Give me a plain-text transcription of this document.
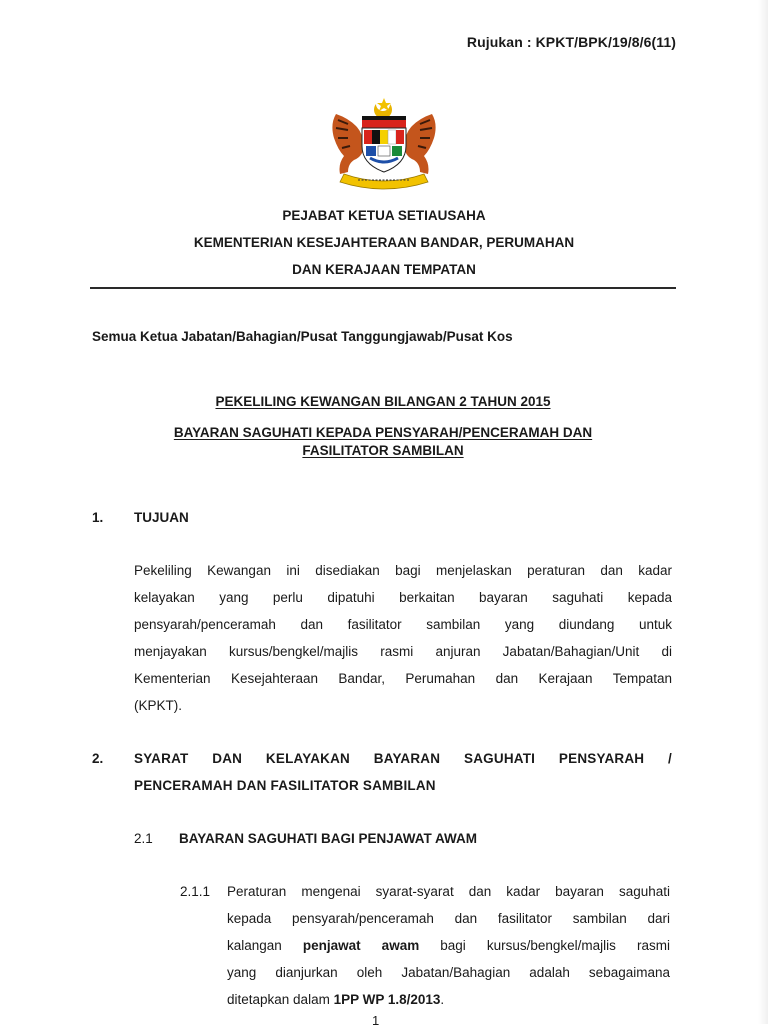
Rujukan : KPKT/BPK/19/8/6(11)
PEJABAT KETUA SETIAUSAHA
KEMENTERIAN KESEJAHTERAAN BANDAR, PERUMAHAN
DAN KERAJAAN TEMPATAN
Semua Ketua Jabatan/Bahagian/Pusat Tanggungjawab/Pusat Kos
PEKELILING KEWANGAN BILANGAN 2 TAHUN 2015
BAYARAN SAGUHATI KEPADA PENSYARAH/PENCERAMAH DAN
FASILITATOR SAMBILAN
1. TUJUAN
Pekeliling Kewangan ini disediakan bagi menjelaskan peraturan dan kadar
kelayakan yang perlu dipatuhi berkaitan bayaran saguhati kepada
pensyarah/penceramah dan fasilitator sambilan yang diundang untuk
menjayakan kursus/bengkel/majlis rasmi anjuran Jabatan/Bahagian/Unit di
Kementerian Kesejahteraan Bandar, Perumahan dan Kerajaan Tempatan
(KPKT).
2. SYARAT DAN KELAYAKAN BAYARAN SAGUHATI PENSYARAH /
PENCERAMAH DAN FASILITATOR SAMBILAN
2.1 BAYARAN SAGUHATI BAGI PENJAWAT AWAM
2.1.1 Peraturan mengenai syarat-syarat dan kadar bayaran saguhati
kepada pensyarah/penceramah dan fasilitator sambilan dari
kalangan penjawat awam bagi kursus/bengkel/majlis rasmi
yang dianjurkan oleh Jabatan/Bahagian adalah sebagaimana
ditetapkan dalam 1PP WP 1.8/2013.
1
